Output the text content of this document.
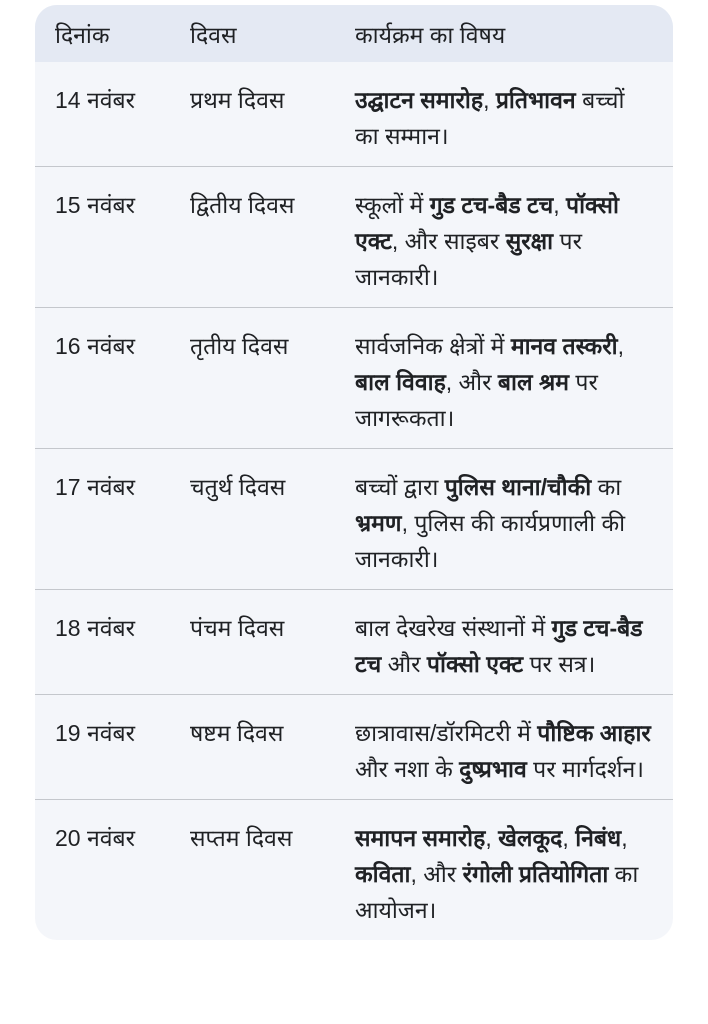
दिनांक	दिवस	कार्यक्रम का विषय
14 नवंबर	प्रथम दिवस	उद्घाटन समारोह, प्रतिभावन बच्चों का सम्मान।
15 नवंबर	द्वितीय दिवस	स्कूलों में गुड टच-बैड टच, पॉक्सो एक्ट, और साइबर सुरक्षा पर जानकारी।
16 नवंबर	तृतीय दिवस	सार्वजनिक क्षेत्रों में मानव तस्करी, बाल विवाह, और बाल श्रम पर जागरूकता।
17 नवंबर	चतुर्थ दिवस	बच्चों द्वारा पुलिस थाना/चौकी का भ्रमण, पुलिस की कार्यप्रणाली की जानकारी।
18 नवंबर	पंचम दिवस	बाल देखरेख संस्थानों में गुड टच-बैड टच और पॉक्सो एक्ट पर सत्र।
19 नवंबर	षष्टम दिवस	छात्रावास/डॉरमिटरी में पौष्टिक आहार और नशा के दुष्प्रभाव पर मार्गदर्शन।
20 नवंबर	सप्तम दिवस	समापन समारोह, खेलकूद, निबंध, कविता, और रंगोली प्रतियोगिता का आयोजन।
